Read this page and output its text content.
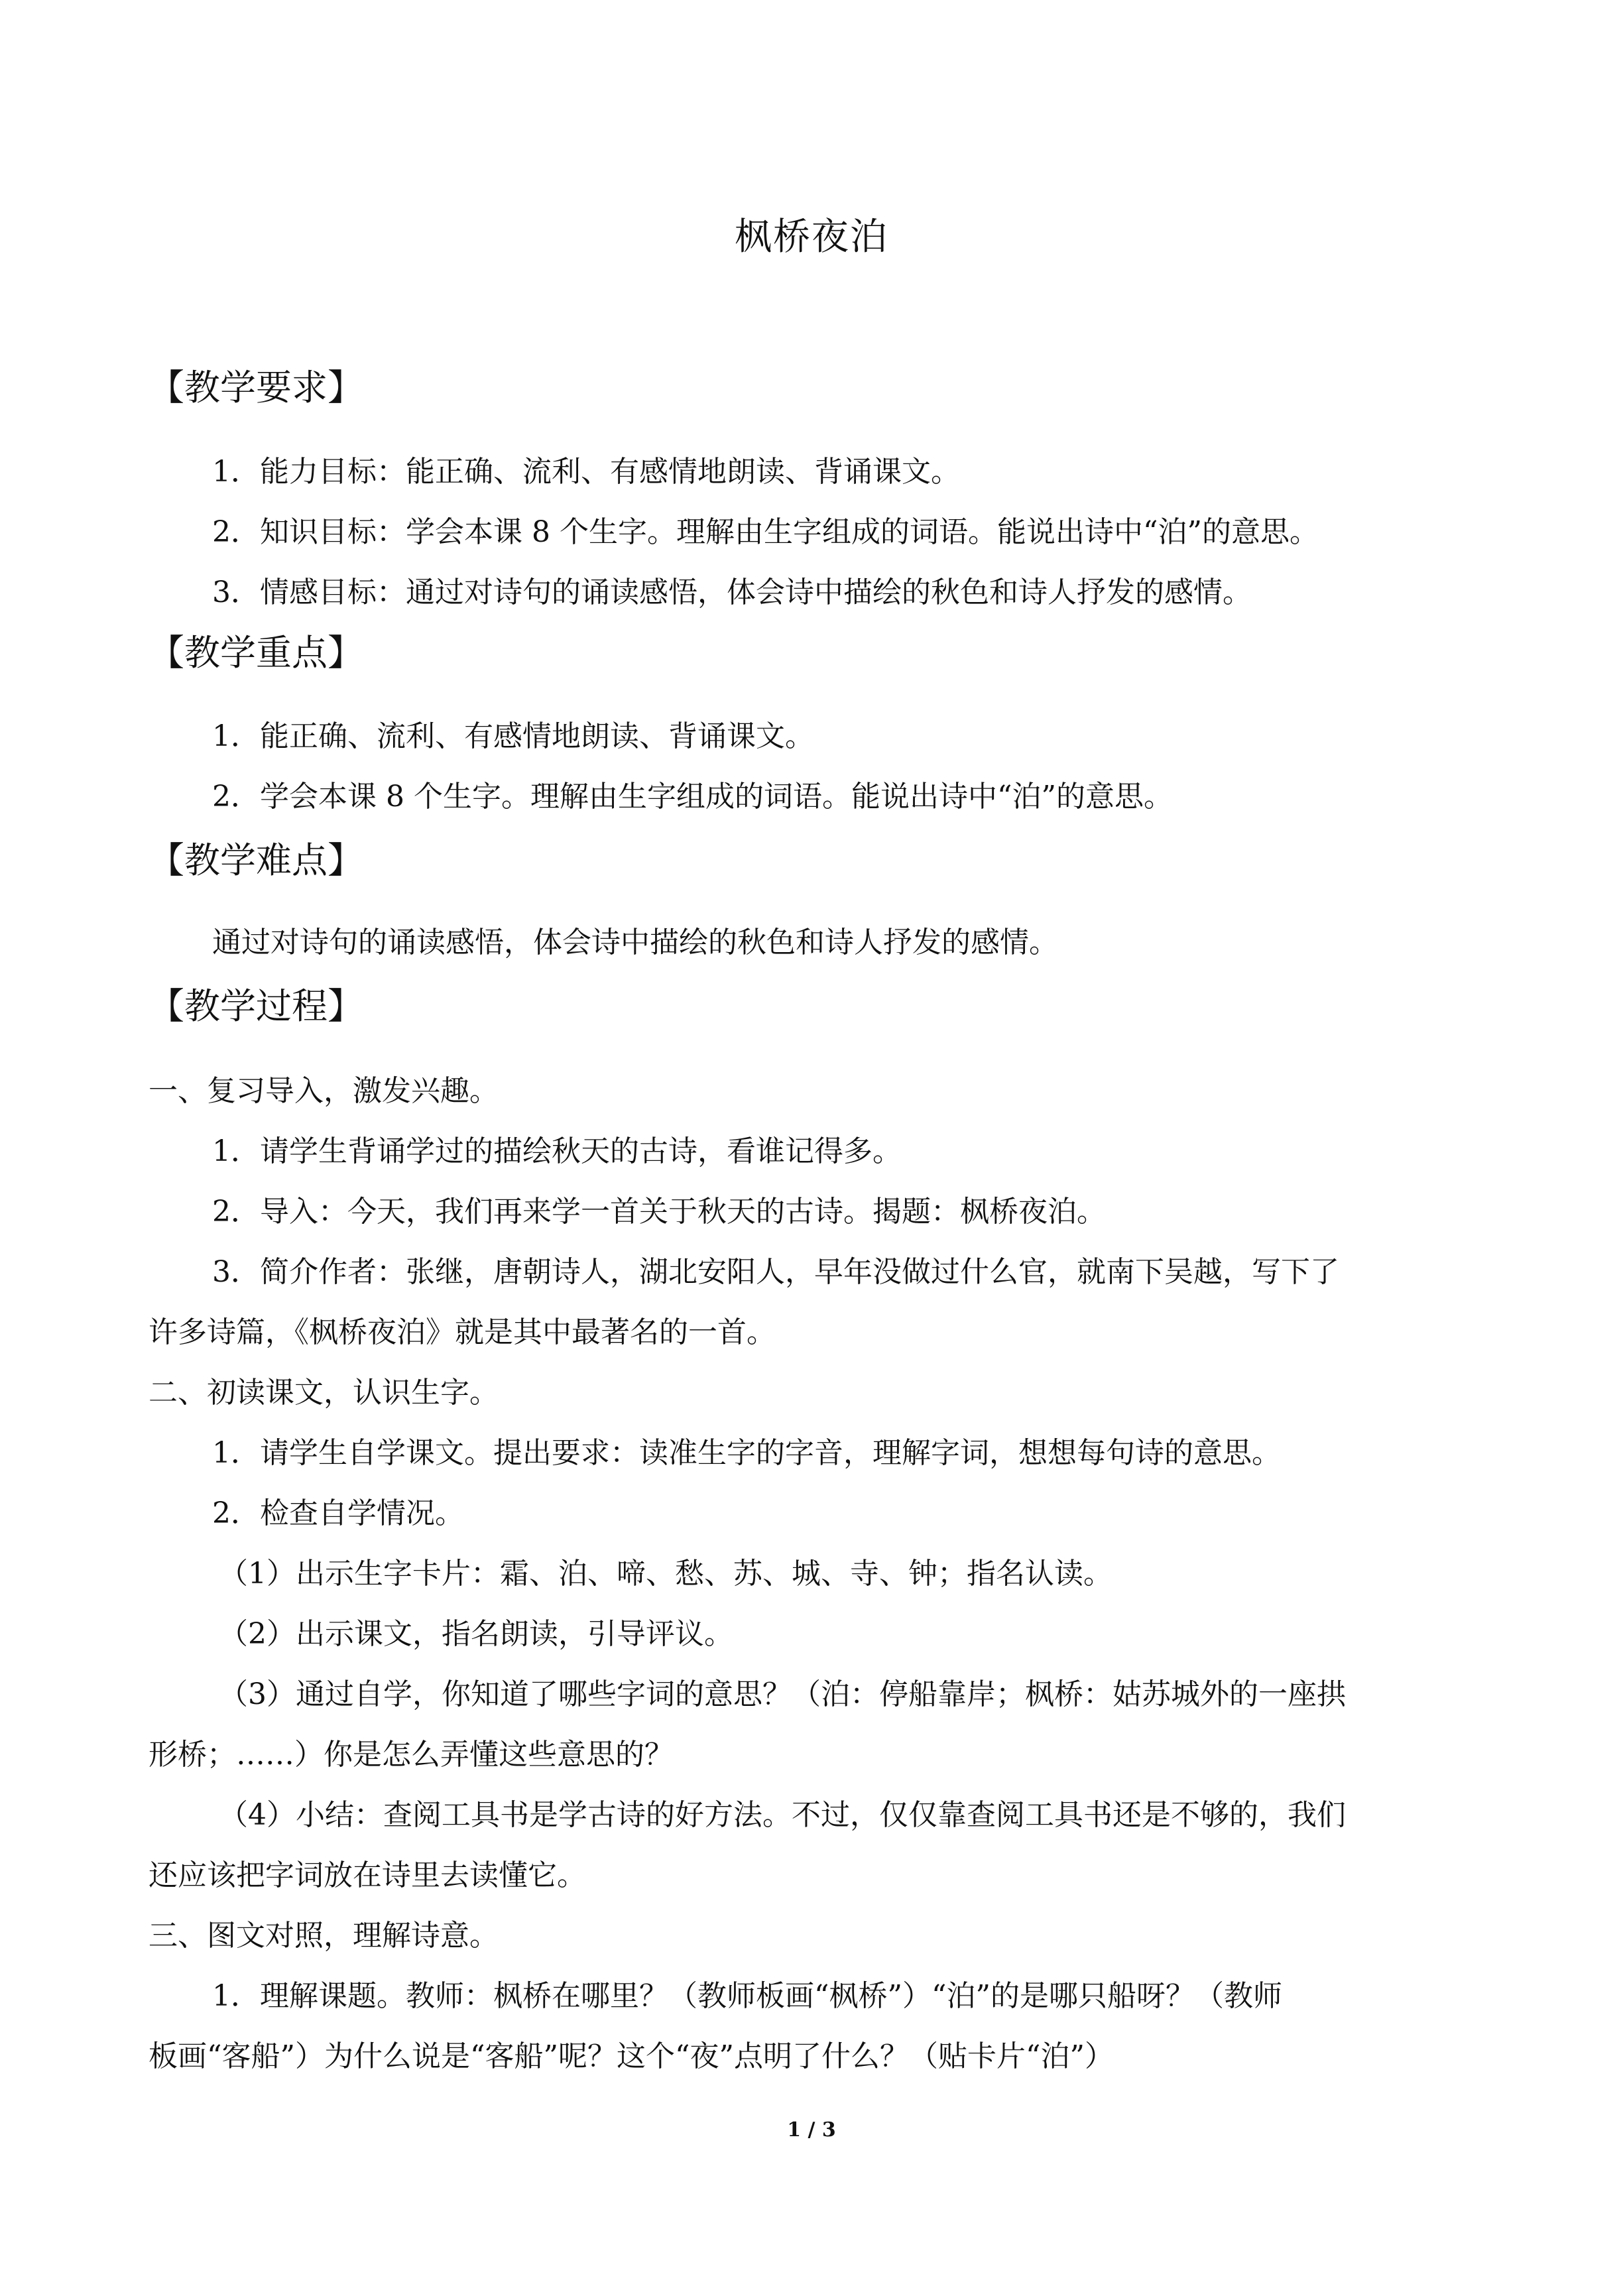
枫桥夜泊
【教学要求】
1．能力目标：能正确、流利、有感情地朗读、背诵课文。
2．知识目标：学会本课 8 个生字。理解由生字组成的词语。能说出诗中“泊”的意思。
3．情感目标：通过对诗句的诵读感悟，体会诗中描绘的秋色和诗人抒发的感情。
【教学重点】
1．能正确、流利、有感情地朗读、背诵课文。
2．学会本课 8 个生字。理解由生字组成的词语。能说出诗中“泊”的意思。
【教学难点】
通过对诗句的诵读感悟，体会诗中描绘的秋色和诗人抒发的感情。
【教学过程】
一、复习导入，激发兴趣。
1．请学生背诵学过的描绘秋天的古诗，看谁记得多。
2．导入：今天，我们再来学一首关于秋天的古诗。揭题：枫桥夜泊。
3．简介作者：张继，唐朝诗人，湖北安阳人，早年没做过什么官，就南下吴越，写下了
许多诗篇，《枫桥夜泊》就是其中最著名的一首。
二、初读课文，认识生字。
1．请学生自学课文。提出要求：读准生字的字音，理解字词，想想每句诗的意思。
2．检查自学情况。
（1）出示生字卡片：霜、泊、啼、愁、苏、城、寺、钟；指名认读。
（2）出示课文，指名朗读，引导评议。
（3）通过自学，你知道了哪些字词的意思？（泊：停船靠岸；枫桥：姑苏城外的一座拱
形桥；……）你是怎么弄懂这些意思的？
（4）小结：查阅工具书是学古诗的好方法。不过，仅仅靠查阅工具书还是不够的，我们
还应该把字词放在诗里去读懂它。
三、图文对照，理解诗意。
1．理解课题。教师：枫桥在哪里？（教师板画“枫桥”）“泊”的是哪只船呀？（教师
板画“客船”）为什么说是“客船”呢？这个“夜”点明了什么？（贴卡片“泊”）
1 / 3
